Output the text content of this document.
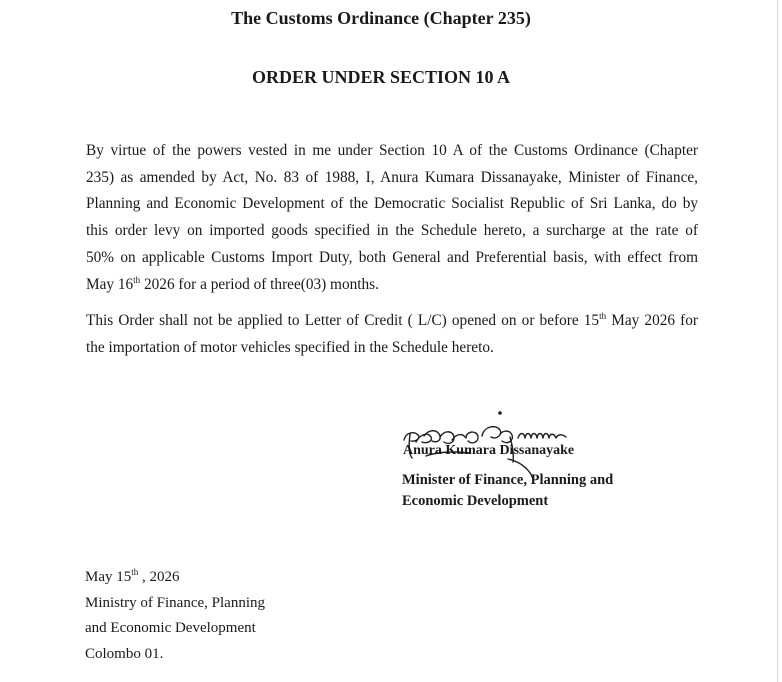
The Customs Ordinance (Chapter 235)
ORDER UNDER SECTION 10 A
By virtue of the powers vested in me under Section 10 A of the Customs Ordinance (Chapter
235) as amended by Act, No. 83 of 1988, I, Anura Kumara Dissanayake, Minister of Finance,
Planning and Economic Development of the Democratic Socialist Republic of Sri Lanka, do by
this order levy on imported goods specified in the Schedule hereto, a surcharge at the rate of
50% on applicable Customs Import Duty, both General and Preferential basis, with effect from
May 16th 2026 for a period of three(03) months.
This Order shall not be applied to Letter of Credit ( L/C) opened on or before 15th May 2026 for
the importation of motor vehicles specified in the Schedule hereto.
Anura Kumara Dissanayake
Minister of Finance, Planning and
Economic Development
May 15th , 2026
Ministry of Finance, Planning
and Economic Development
Colombo 01.
